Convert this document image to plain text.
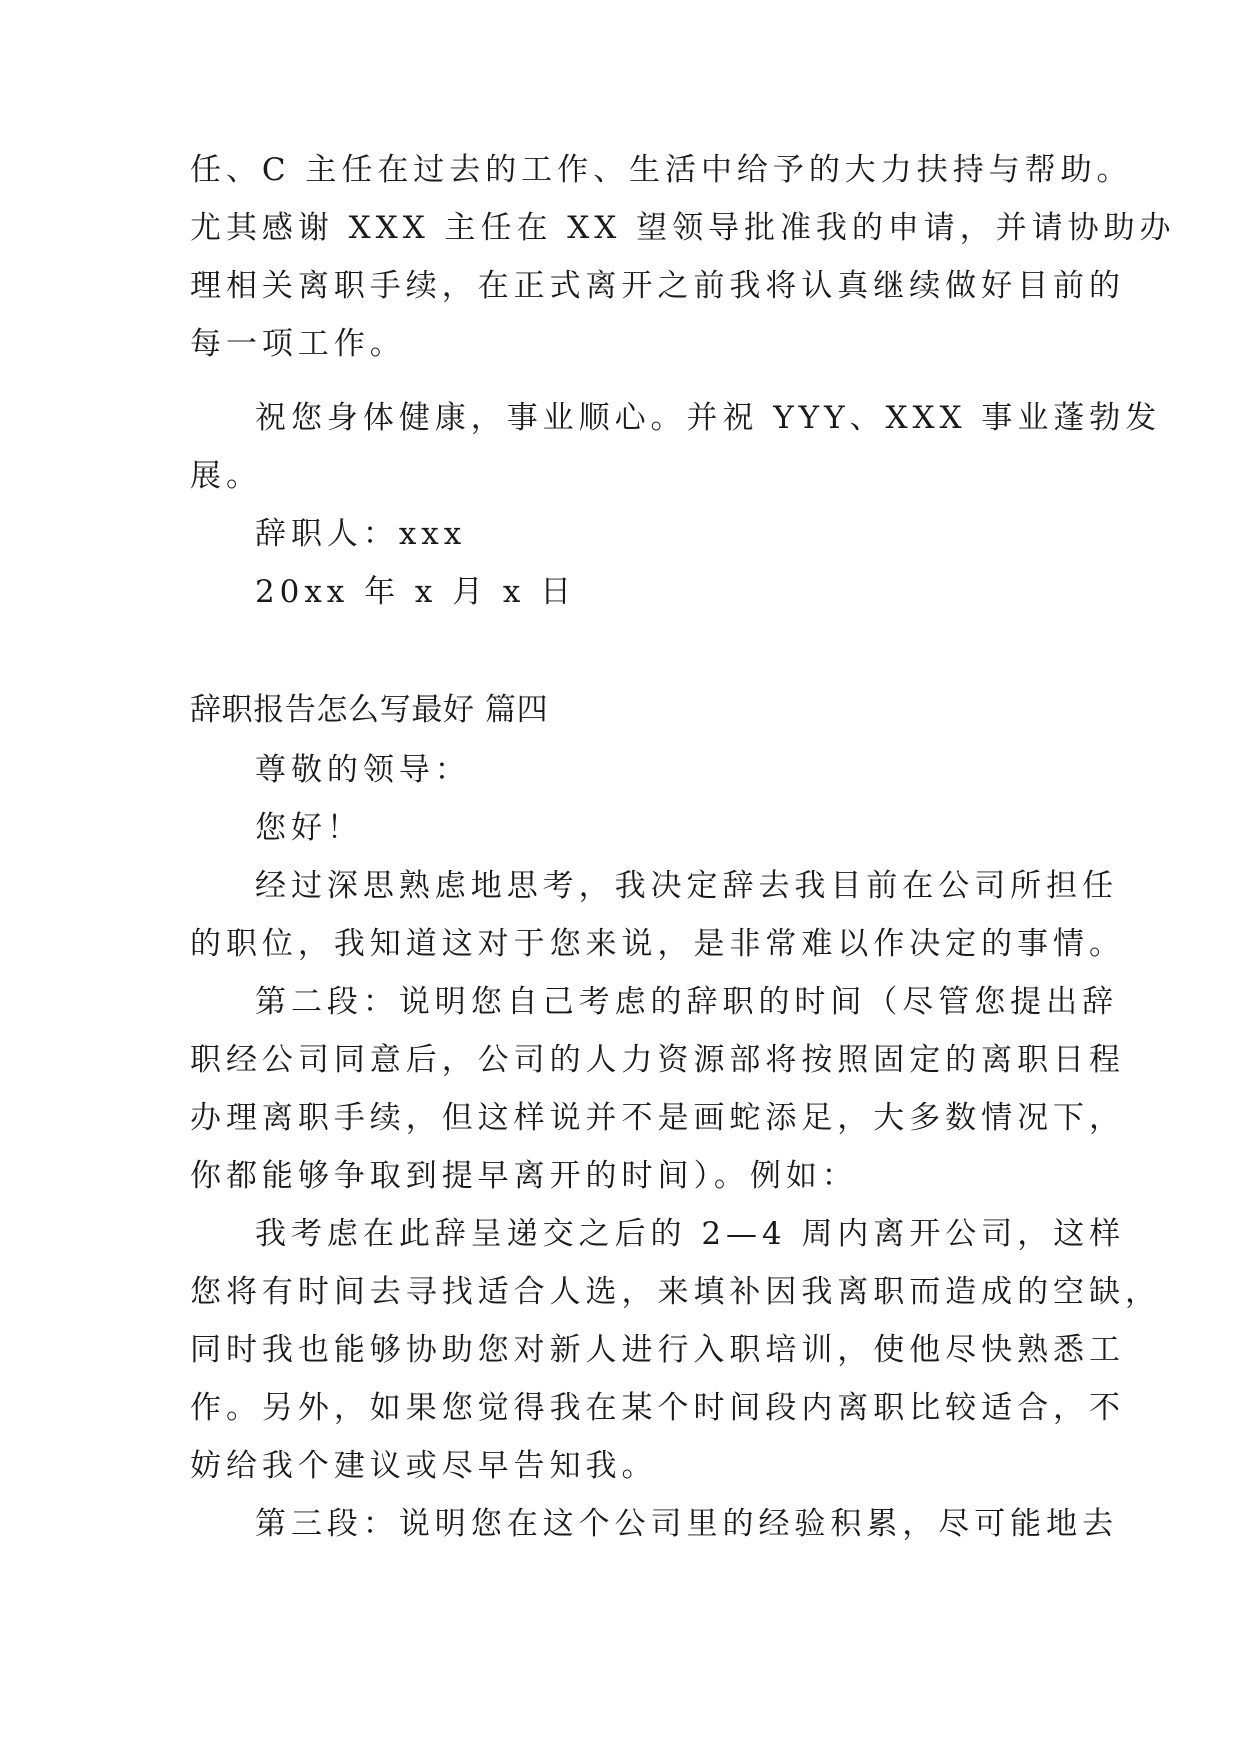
任、C 主任在过去的工作、生活中给予的大力扶持与帮助。
尤其感谢 XXX 主任在 XX 望领导批准我的申请，并请协助办
理相关离职手续，在正式离开之前我将认真继续做好目前的
每一项工作。
祝您身体健康，事业顺心。并祝 YYY、XXX 事业蓬勃发
展。
辞职人：xxx
20xx 年 x 月 x 日
辞职报告怎么写最好 篇四
尊敬的领导：
您好！
经过深思熟虑地思考，我决定辞去我目前在公司所担任
的职位，我知道这对于您来说，是非常难以作决定的事情。
第二段：说明您自己考虑的辞职的时间（尽管您提出辞
职经公司同意后，公司的人力资源部将按照固定的离职日程
办理离职手续，但这样说并不是画蛇添足，大多数情况下，
你都能够争取到提早离开的时间）。例如：
我考虑在此辞呈递交之后的 2—4 周内离开公司，这样
您将有时间去寻找适合人选，来填补因我离职而造成的空缺，
同时我也能够协助您对新人进行入职培训，使他尽快熟悉工
作。另外，如果您觉得我在某个时间段内离职比较适合，不
妨给我个建议或尽早告知我。
第三段：说明您在这个公司里的经验积累，尽可能地去
